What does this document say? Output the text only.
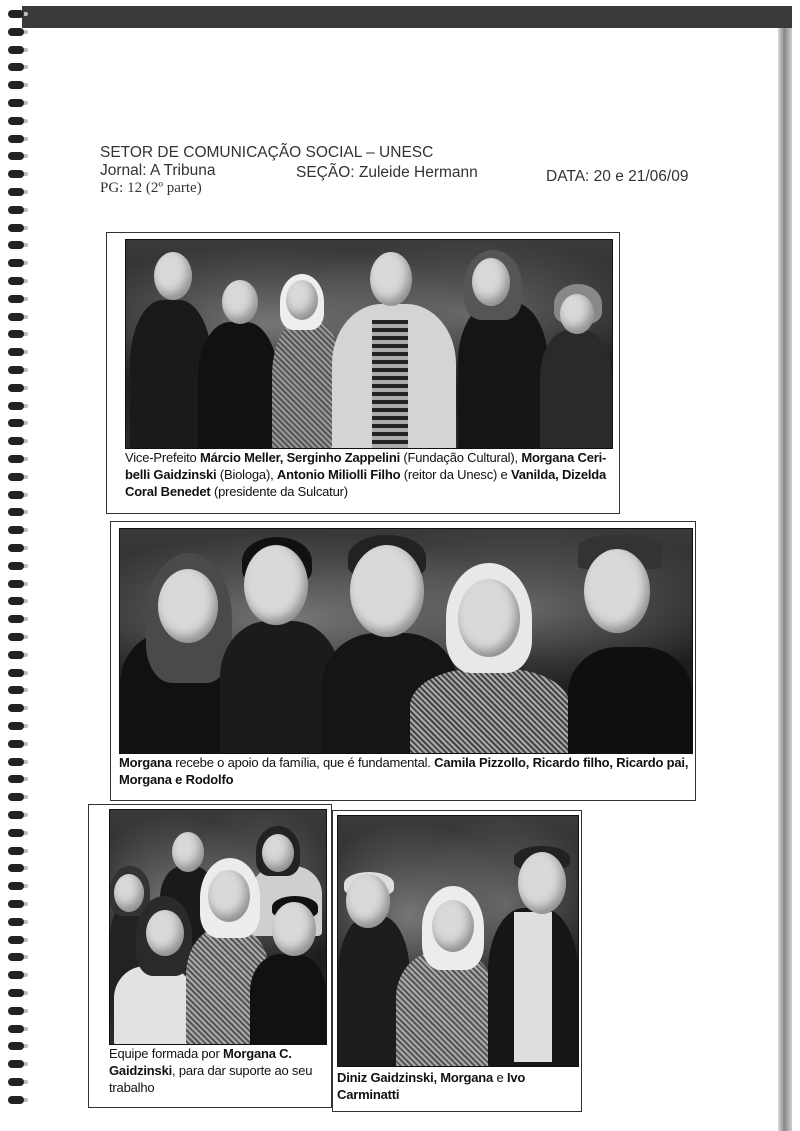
SETOR DE COMUNICAÇÃO SOCIAL – UNESC
Jornal: A Tribuna	SEÇÃO: Zuleide Hermann	DATA: 20 e 21/06/09
PG: 12 (2º parte)
Vice-Prefeito Márcio Meller, Serginho Zappelini (Fundação Cultural), Morgana Ceri-belli Gaidzinski (Biologa), Antonio Miliolli Filho (reitor da Unesc) e Vanilda, Dizelda Coral Benedet (presidente da Sulcatur)
Morgana recebe o apoio da família, que é fundamental. Camila Pizzollo, Ricardo filho, Ricardo pai, Morgana e Rodolfo
Equipe formada por Morgana C. Gaidzinski, para dar suporte ao seu trabalho
Diniz Gaidzinski, Morgana e Ivo Carminatti
